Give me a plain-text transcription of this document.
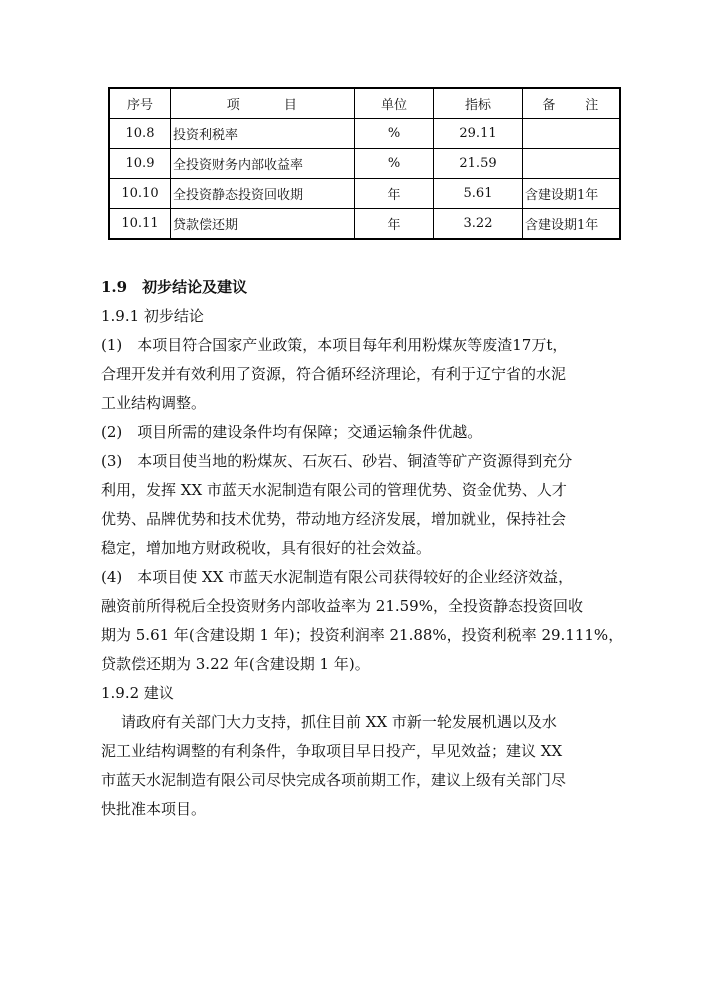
序号	项　　　目	单位	指标	备　　注
10.8	投资利税率	%	29.11	
10.9	全投资财务内部收益率	%	21.59	
10.10	全投资静态投资回收期	年	5.61	含建设期1年
10.11	贷款偿还期	年	3.22	含建设期1年
1.9　初步结论及建议
1.9.1 初步结论
(1)　本项目符合国家产业政策，本项目每年利用粉煤灰等废渣17万t，
合理开发并有效利用了资源，符合循环经济理论，有利于辽宁省的水泥
工业结构调整。
(2)　项目所需的建设条件均有保障；交通运输条件优越。
(3)　本项目使当地的粉煤灰、石灰石、砂岩、铜渣等矿产资源得到充分
利用，发挥 XX 市蓝天水泥制造有限公司的管理优势、资金优势、人才
优势、品牌优势和技术优势，带动地方经济发展，增加就业，保持社会
稳定，增加地方财政税收，具有很好的社会效益。
(4)　本项目使 XX 市蓝天水泥制造有限公司获得较好的企业经济效益，
融资前所得税后全投资财务内部收益率为 21.59%，全投资静态投资回收
期为 5.61 年(含建设期 1 年)；投资利润率 21.88%，投资利税率 29.111%，
贷款偿还期为 3.22 年(含建设期 1 年)。
1.9.2 建议
请政府有关部门大力支持，抓住目前 XX 市新一轮发展机遇以及水
泥工业结构调整的有利条件，争取项目早日投产，早见效益；建议 XX
市蓝天水泥制造有限公司尽快完成各项前期工作，建议上级有关部门尽
快批准本项目。
